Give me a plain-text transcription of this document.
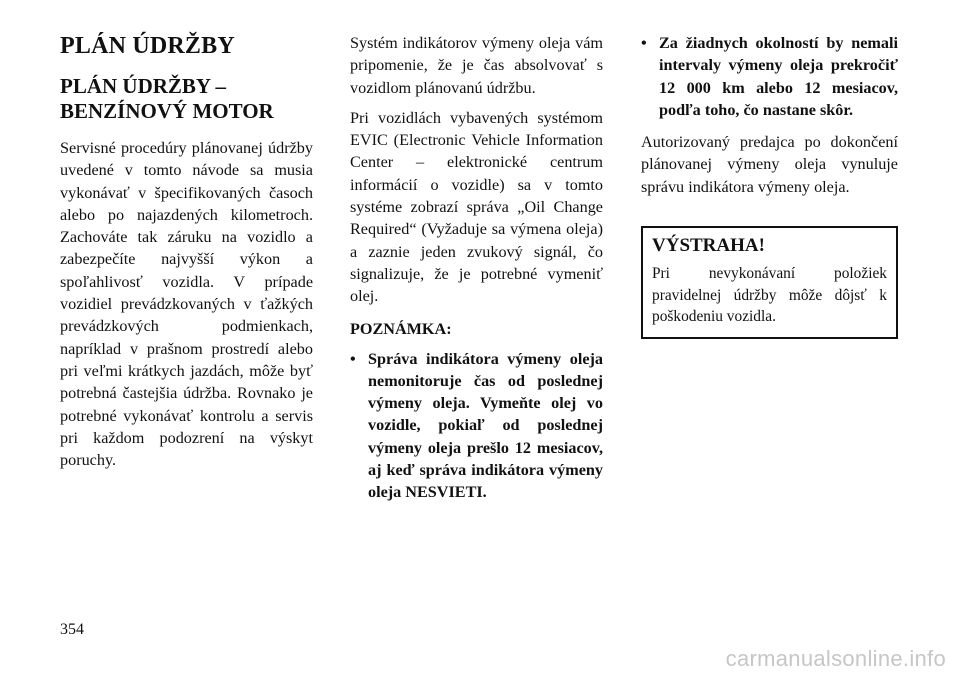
PLÁN ÚDRŽBY
PLÁN ÚDRŽBY –
BENZÍNOVÝ MOTOR

Servisné procedúry plánovanej údržby uvedené v tomto návode sa musia vykonávať v špecifikovaných časoch alebo po najazdených kilometroch. Zachováte tak záruku na vozidlo a zabezpečíte najvyšší výkon a spoľahlivosť vozidla. V prípade vozidiel prevádzkovaných v ťažkých prevádzkových podmienkach, napríklad v prašnom prostredí alebo pri veľmi krátkych jazdách, môže byť potrebná častejšia údržba. Rovnako je potrebné vykonávať kontrolu a servis pri každom podozrení na výskyt poruchy.

Systém indikátorov výmeny oleja vám pripomenie, že je čas absolvovať s vozidlom plánovanú údržbu.

Pri vozidlách vybavených systémom EVIC (Electronic Vehicle Information Center – elektronické centrum informácií o vozidle) sa v tomto systéme zobrazí správa „Oil Change Required“ (Vyžaduje sa výmena oleja) a zaznie jeden zvukový signál, čo signalizuje, že je potrebné vymeniť olej.

POZNÁMKA:
• Správa indikátora výmeny oleja nemonitoruje čas od poslednej výmeny oleja. Vymeňte olej vo vozidle, pokiaľ od poslednej výmeny oleja prešlo 12 mesiacov, aj keď správa indikátora výmeny oleja NESVIETI.
• Za žiadnych okolností by nemali intervaly výmeny oleja prekročiť 12 000 km alebo 12 mesiacov, podľa toho, čo nastane skôr.

Autorizovaný predajca po dokončení plánovanej výmeny oleja vynuluje správu indikátora výmeny oleja.

VÝSTRAHA!

Pri nevykonávaní položiek pravidelnej údržby môže dôjsť k poškodeniu vozidla.

354
carmanualsonline.info
